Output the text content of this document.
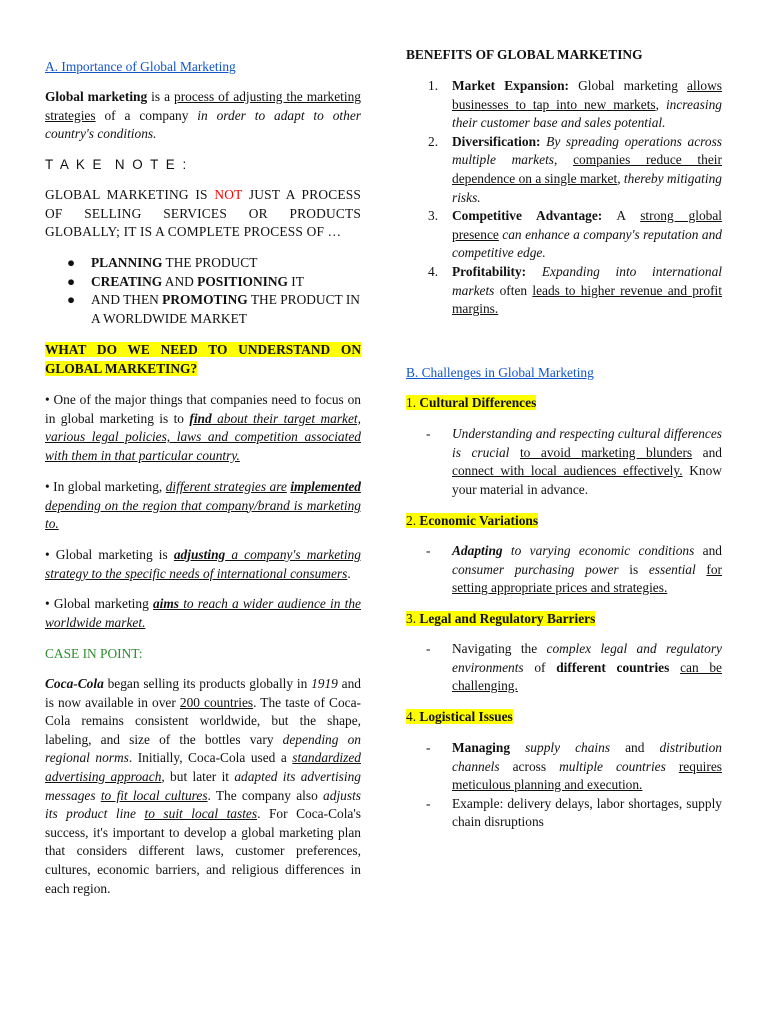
A. Importance of Global Marketing

Global marketing is a process of adjusting the marketing strategies of a company in order to adapt to other country's conditions.

T A K E  N O T E :

GLOBAL MARKETING IS NOT JUST A PROCESS OF SELLING SERVICES OR PRODUCTS GLOBALLY; IT IS A COMPLETE PROCESS OF …

● PLANNING THE PRODUCT
● CREATING AND POSITIONING IT
● AND THEN PROMOTING THE PRODUCT IN A WORLDWIDE MARKET

WHAT DO WE NEED TO UNDERSTAND ON GLOBAL MARKETING?

• One of the major things that companies need to focus on in global marketing is to find about their target market, various legal policies, laws and competition associated with them in that particular country.

• In global marketing, different strategies are implemented depending on the region that company/brand is marketing to.

• Global marketing is adjusting a company's marketing strategy to the specific needs of international consumers.

• Global marketing aims to reach a wider audience in the worldwide market.

CASE IN POINT:

Coca-Cola began selling its products globally in 1919 and is now available in over 200 countries. The taste of Coca-Cola remains consistent worldwide, but the shape, labeling, and size of the bottles vary depending on regional norms. Initially, Coca-Cola used a standardized advertising approach, but later it adapted its advertising messages to fit local cultures. The company also adjusts its product line to suit local tastes. For Coca-Cola's success, it's important to develop a global marketing plan that considers different laws, customer preferences, cultures, economic barriers, and religious differences in each region.

BENEFITS OF GLOBAL MARKETING

1. Market Expansion: Global marketing allows businesses to tap into new markets, increasing their customer base and sales potential.
2. Diversification: By spreading operations across multiple markets, companies reduce their dependence on a single market, thereby mitigating risks.
3. Competitive Advantage: A strong global presence can enhance a company's reputation and competitive edge.
4. Profitability: Expanding into international markets often leads to higher revenue and profit margins.

B. Challenges in Global Marketing

1. Cultural Differences

- Understanding and respecting cultural differences is crucial to avoid marketing blunders and connect with local audiences effectively. Know your material in advance.

2. Economic Variations

- Adapting to varying economic conditions and consumer purchasing power is essential for setting appropriate prices and strategies.

3. Legal and Regulatory Barriers

- Navigating the complex legal and regulatory environments of different countries can be challenging.

4. Logistical Issues

- Managing supply chains and distribution channels across multiple countries requires meticulous planning and execution.
- Example: delivery delays, labor shortages, supply chain disruptions
